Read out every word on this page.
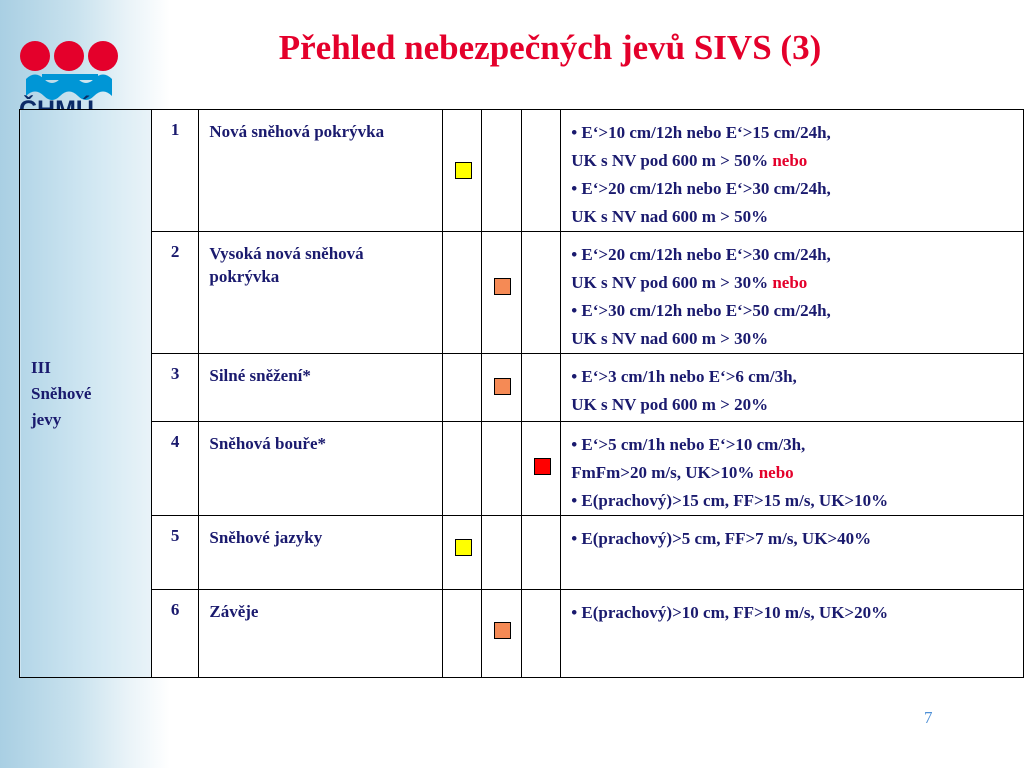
Přehled nebezpečných jevů SIVS (3)
III
Sněhové
jevy	1	Nová sněhová pokrývka				• E‘>10 cm/12h nebo E‘>15 cm/24h,
UK s NV pod 600 m > 50% nebo
• E‘>20 cm/12h nebo E‘>30 cm/24h,
UK s NV nad 600 m > 50%

	2	Vysoká nová sněhová pokrývka				• E‘>20 cm/12h nebo E‘>30 cm/24h,
UK s NV pod 600 m > 30% nebo
• E‘>30 cm/12h nebo E‘>50 cm/24h,
UK s NV nad 600 m > 30%

	3	Silné sněžení*				• E‘>3 cm/1h nebo E‘>6 cm/3h,
UK s NV pod 600 m > 20%

	4	Sněhová bouře*				• E‘>5 cm/1h nebo E‘>10 cm/3h,
FmFm>20 m/s, UK>10% nebo
• E(prachový)>15 cm, FF>15 m/s, UK>10%

	5	Sněhové jazyky				• E(prachový)>5 cm, FF>7 m/s, UK>40%

	6	Závěje				• E(prachový)>10 cm, FF>10 m/s, UK>20%
7
